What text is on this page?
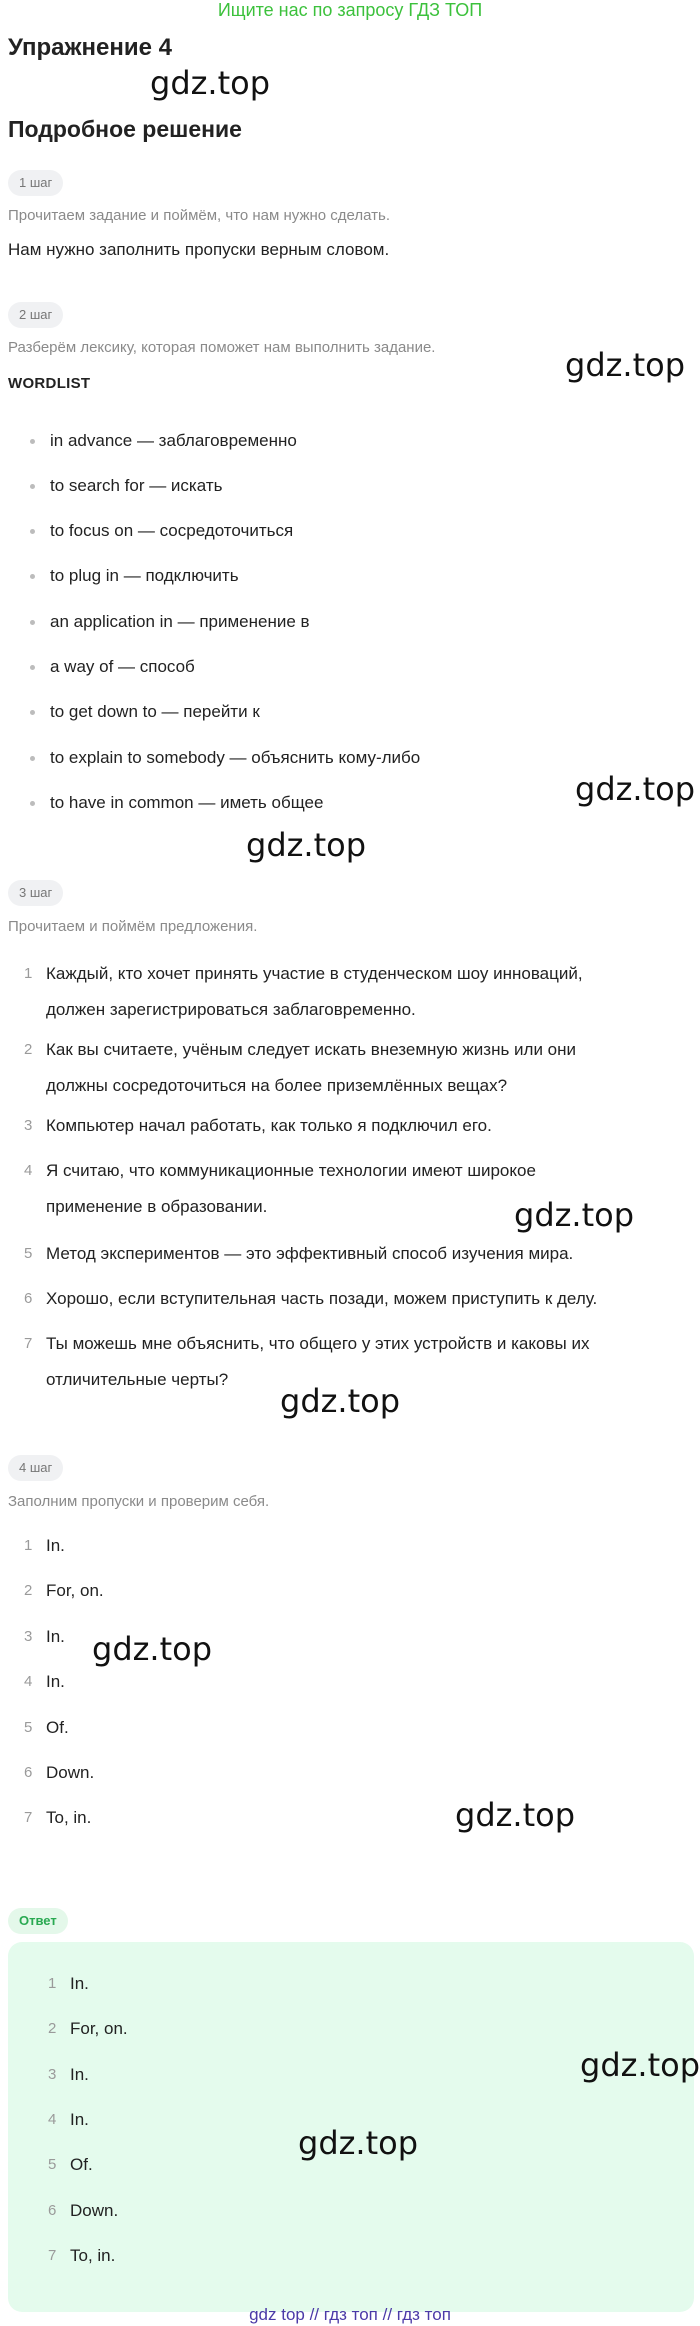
Ищите нас по запросу ГДЗ ТОП
Упражнение 4
gdz.top
Подробное решение
1 шаг
Прочитаем задание и поймём, что нам нужно сделать.
Нам нужно заполнить пропуски верным словом.
2 шаг
Разберём лексику, которая поможет нам выполнить задание.	gdz.top
WORDLIST
in advance — заблаговременно
to search for — искать
to focus on — сосредоточиться
to plug in — подключить
an application in — применение в
a way of — способ
to get down to — перейти к
to explain to somebody — объяснить кому-либо
to have in common — иметь общее	gdz.top
gdz.top
3 шаг
Прочитаем и поймём предложения.
1 Каждый, кто хочет принять участие в студенческом шоу инноваций,
должен зарегистрироваться заблаговременно.
2 Как вы считаете, учёным следует искать внеземную жизнь или они
должны сосредоточиться на более приземлённых вещах?
3 Компьютер начал работать, как только я подключил его.
4 Я считаю, что коммуникационные технологии имеют широкое
применение в образовании.
5 Метод экспериментов — это эффективный способ изучения мира.
6 Хорошо, если вступительная часть позади, можем приступить к делу.
7 Ты можешь мне объяснить, что общего у этих устройств и каковы их
отличительные черты?
gdz.top
gdz.top
4 шаг
Заполним пропуски и проверим себя.
1 In.
2 For, on.
3 In.
4 In.
5 Of.
6 Down.
7 To, in.
gdz.top
gdz.top
Ответ
1 In.
2 For, on.
3 In.
4 In.
5 Of.
6 Down.
7 To, in.
gdz.top
gdz.top
gdz top // гдз топ // гдз топ
